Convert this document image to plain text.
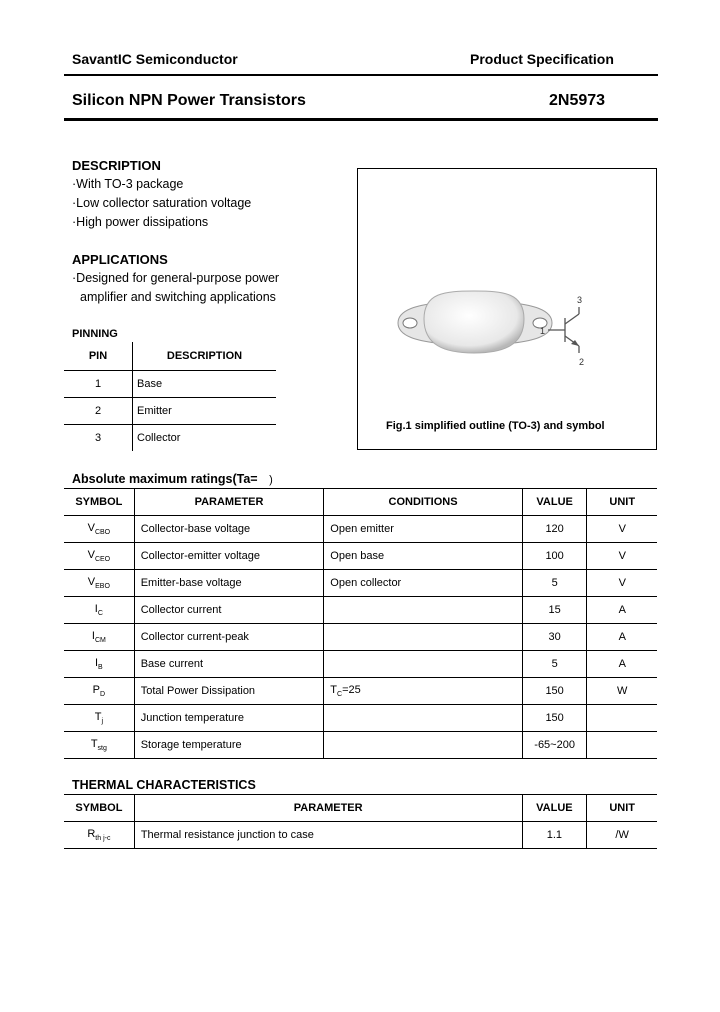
SavantIC Semiconductor	Product Specification
Silicon NPN Power Transistors	2N5973
DESCRIPTION
·With TO-3 package
·Low collector saturation voltage
·High power dissipations
APPLICATIONS
·Designed for general-purpose power
amplifier and switching applications
PINNING
PIN	DESCRIPTION
1	Base
2	Emitter
3	Collector
1
3
2
Fig.1 simplified outline (TO-3) and symbol
Absolute maximum ratings(Ta= )
SYMBOL	PARAMETER	CONDITIONS	VALUE	UNIT
$V_{CBO}$	Collector-base voltage	Open emitter	120	V
$V_{CEO}$	Collector-emitter voltage	Open base	100	V
$V_{EBO}$	Emitter-base voltage	Open collector	5	V
$I_C$	Collector current		15	A
$I_{CM}$	Collector current-peak		30	A
$I_B$	Base current		5	A
$P_D$	Total Power Dissipation	$T_C=25$	150	W
$T_j$	Junction temperature		150	
$T_{stg}$	Storage temperature		-65~200	
THERMAL CHARACTERISTICS
SYMBOL	PARAMETER	VALUE	UNIT
$R_{th j-c}$	Thermal resistance junction to case	1.1	/W
